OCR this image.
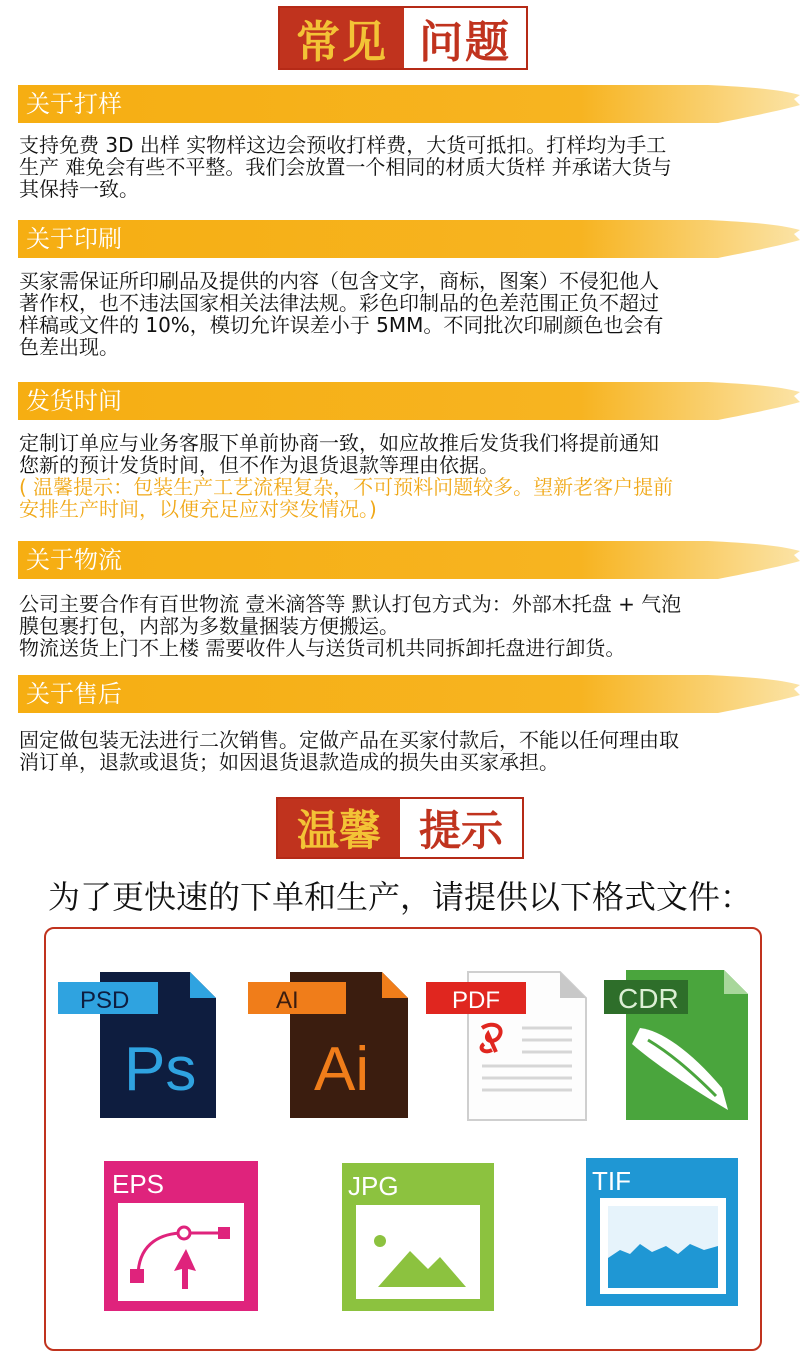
常见 问题
关于打样

支持免费 3D 出样 实物样这边会预收打样费，大货可抵扣。打样均为手工

生产 难免会有些不平整。我们会放置一个相同的材质大货样 并承诺大货与

其保持一致。

关于印刷

买家需保证所印刷品及提供的内容（包含文字，商标，图案）不侵犯他人

著作权，也不违法国家相关法律法规。彩色印制品的色差范围正负不超过

样稿或文件的 10%，模切允许误差小于 5MM。不同批次印刷颜色也会有

色差出现。

发货时间

定制订单应与业务客服下单前协商一致，如应故推后发货我们将提前通知

您新的预计发货时间，但不作为退货退款等理由依据。

( 温馨提示：包装生产工艺流程复杂，不可预料问题较多。望新老客户提前

安排生产时间，以便充足应对突发情况。)

关于物流

公司主要合作有百世物流 壹米滴答等 默认打包方式为：外部木托盘 + 气泡

膜包裹打包，内部为多数量捆装方便搬运。

物流送货上门不上楼 需要收件人与送货司机共同拆卸托盘进行卸货。

关于售后

固定做包装无法进行二次销售。定做产品在买家付款后，不能以任何理由取

消订单，退款或退货；如因退货退款造成的损失由买家承担。

温馨 提示
为了更快速的下单和生产，请提供以下格式文件：
PSD
Ps
AI
Ai
PDF	CDR
EPS	JPG	TIF
